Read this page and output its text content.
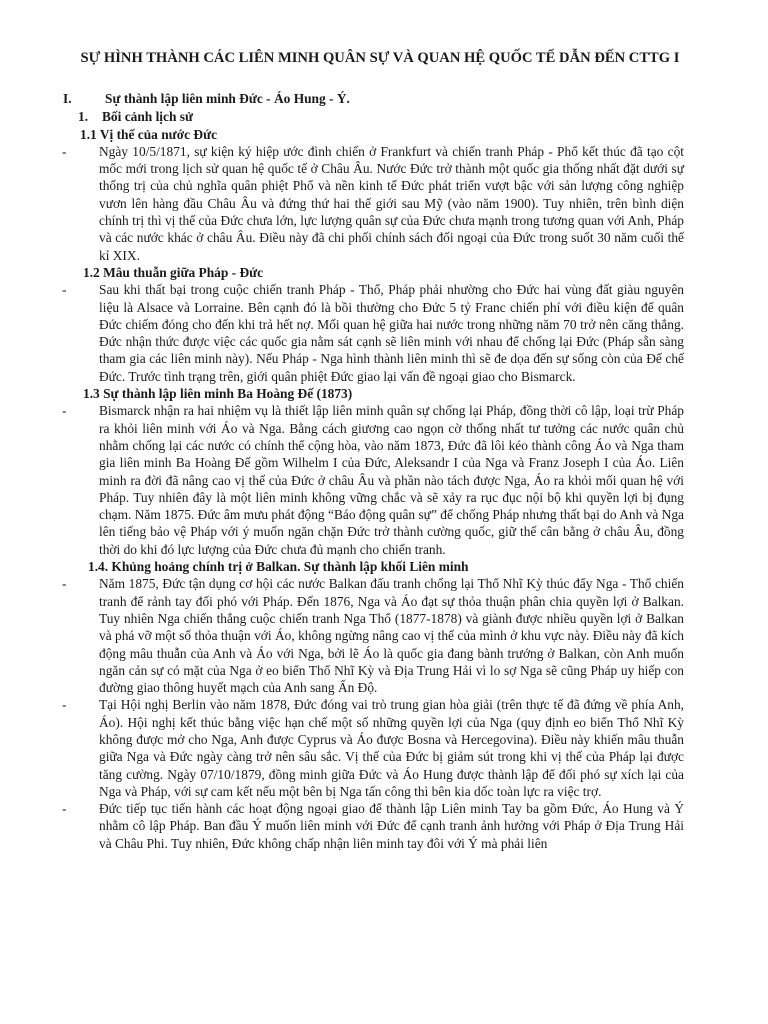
SỰ HÌNH THÀNH CÁC LIÊN MINH QUÂN SỰ VÀ QUAN HỆ QUỐC TẾ DẪN ĐẾN CTTG I
I.	Sự thành lập liên minh Đức - Áo Hung - Ý.
1.	Bối cảnh lịch sử
1.1 Vị thế của nước Đức
-	Ngày 10/5/1871, sự kiện ký hiệp ước đình chiến ở Frankfurt và chiến tranh Pháp - Phổ kết thúc đã tạo cột mốc mới trong lịch sử quan hệ quốc tế ở Châu Âu. Nước Đức trở thành một quốc gia thống nhất đặt dưới sự thống trị của chủ nghĩa quân phiệt Phổ và nền kinh tế Đức phát triển vượt bậc với sản lượng công nghiệp vươn lên hàng đầu Châu Âu và đứng thứ hai thế giới sau Mỹ (vào năm 1900). Tuy nhiên, trên bình diện chính trị thì vị thế của Đức chưa lớn, lực lượng quân sự của Đức chưa mạnh trong tương quan với Anh, Pháp và các nước khác ở châu Âu. Điều này đã chi phối chính sách đối ngoại của Đức trong suốt 30 năm cuối thế kỉ XIX.
1.2 Mâu thuẫn giữa Pháp - Đức
-	Sau khi thất bại trong cuộc chiến tranh Pháp - Thổ, Pháp phải nhường cho Đức hai vùng đất giàu nguyên liệu là Alsace và Lorraine. Bên cạnh đó là bồi thường cho Đức 5 tỷ Franc chiến phí với điều kiện để quân Đức chiếm đóng cho đến khi trả hết nợ. Mối quan hệ giữa hai nước trong những năm 70 trở nên căng thẳng. Đức nhận thức được việc các quốc gia nằm sát cạnh sẽ liên minh với nhau để chống lại Đức (Pháp sẵn sàng tham gia các liên minh này). Nếu Pháp - Nga hình thành liên minh thì sẽ đe dọa đến sự sống còn của Đế chế Đức. Trước tình trạng trên, giới quân phiệt Đức giao lại vấn đề ngoại giao cho Bismarck.
1.3 Sự thành lập liên minh Ba Hoàng Đế (1873)
-	Bismarck nhận ra hai nhiệm vụ là thiết lập liên minh quân sự chống lại Pháp, đồng thời cô lập, loại trừ Pháp ra khỏi liên minh với Áo và Nga. Bằng cách giương cao ngọn cờ thống nhất tư tưởng các nước quân chủ nhằm chống lại các nước có chính thể cộng hòa, vào năm 1873, Đức đã lôi kéo thành công Áo và Nga tham gia liên minh Ba Hoàng Đế gồm Wilhelm I của Đức, Aleksandr I của Nga và Franz Joseph I của Áo. Liên minh ra đời đã nâng cao vị thế của Đức ở châu Âu và phần nào tách được Nga, Áo ra khỏi mối quan hệ với Pháp. Tuy nhiên đây là một liên minh không vững chắc và sẽ xảy ra rục đục nội bộ khi quyền lợi bị đụng chạm. Năm 1875. Đức âm mưu phát động “Báo động quân sự” để chống Pháp nhưng thất bại do Anh và Nga lên tiếng bảo vệ Pháp với ý muốn ngăn chặn Đức trở thành cường quốc, giữ thế cân bằng ở châu Âu, đồng thời do khi đó lực lượng của Đức chưa đủ mạnh cho chiến tranh.
1.4. Khủng hoảng chính trị ở Balkan. Sự thành lập khối Liên minh
-	Năm 1875, Đức tận dụng cơ hội các nước Balkan đấu tranh chống lại Thổ Nhĩ Kỳ thúc đẩy Nga - Thổ chiến tranh để rảnh tay đối phó với Pháp. Đến 1876, Nga và Áo đạt sự thỏa thuận phân chia quyền lợi ở Balkan. Tuy nhiên Nga chiến thắng cuộc chiến tranh Nga Thổ (1877-1878) và giành được nhiều quyền lợi ở Balkan và phá vỡ một số thỏa thuận với Áo, không ngừng nâng cao vị thế của mình ở khu vực này. Điều này đã kích động mâu thuẫn của Anh và Áo với Nga, bởi lẽ Áo là quốc gia đang bành trướng ở Balkan, còn Anh muốn ngăn cản sự có mặt của Nga ở eo biển Thổ Nhĩ Kỳ và Địa Trung Hải vì lo sợ Nga sẽ cũng Pháp uy hiếp con đường giao thông huyết mạch của Anh sang Ấn Độ.
-	Tại Hội nghị Berlin vào năm 1878, Đức đóng vai trò trung gian hòa giải (trên thực tế đã đứng về phía Anh, Áo). Hội nghị kết thúc bằng việc hạn chế một số những quyền lợi của Nga (quy định eo biển Thổ Nhĩ Kỳ không được mở cho Nga, Anh được Cyprus và Áo được Bosna và Hercegovina). Điều này khiến mâu thuẫn giữa Nga và Đức ngày càng trở nên sâu sắc. Vị thế của Đức bị giảm sút trong khi vị thế của Pháp lại được tăng cường. Ngày 07/10/1879, đồng minh giữa Đức và Áo Hung được thành lập để đối phó sự xích lại của Nga và Pháp, với sự cam kết nếu một bên bị Nga tấn công thì bên kia dốc toàn lực ra việc trợ.
-	Đức tiếp tục tiến hành các hoạt động ngoại giao để thành lập Liên minh Tay ba gồm Đức, Áo Hung và Ý nhằm cô lập Pháp. Ban đầu Ý muốn liên minh với Đức để cạnh tranh ảnh hưởng với Pháp ở Địa Trung Hải và Châu Phi. Tuy nhiên, Đức không chấp nhận liên minh tay đôi với Ý mà phải liên
